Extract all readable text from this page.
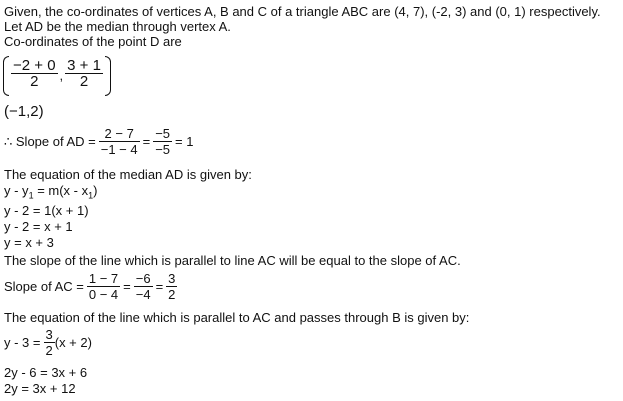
Given, the co-ordinates of vertices A, B and C of a triangle ABC are (4, 7), (-2, 3) and (0, 1) respectively.
Let AD be the median through vertex A.
Co-ordinates of the point D are
$\frac{-2 + 0}{2}$ , $\frac{3 + 1}{2}$
(−1,2)
∴ Slope of AD = $\frac{2 - 7}{-1 - 4} = \frac{-5}{-5} = 1$
The equation of the median AD is given by:
$y - y_1 = m(x - x_1)$
y - 2 = 1(x + 1)
y - 2 = x + 1
y = x + 3
The slope of the line which is parallel to line AC will be equal to the slope of AC.
Slope of AC = $\frac{1 - 7}{0 - 4} = \frac{-6}{-4} = \frac{3}{2}$
The equation of the line which is parallel to AC and passes through B is given by:
$y - 3 = \frac{3}{2} (x + 2)$
2y - 6 = 3x + 6
2y = 3x + 12
